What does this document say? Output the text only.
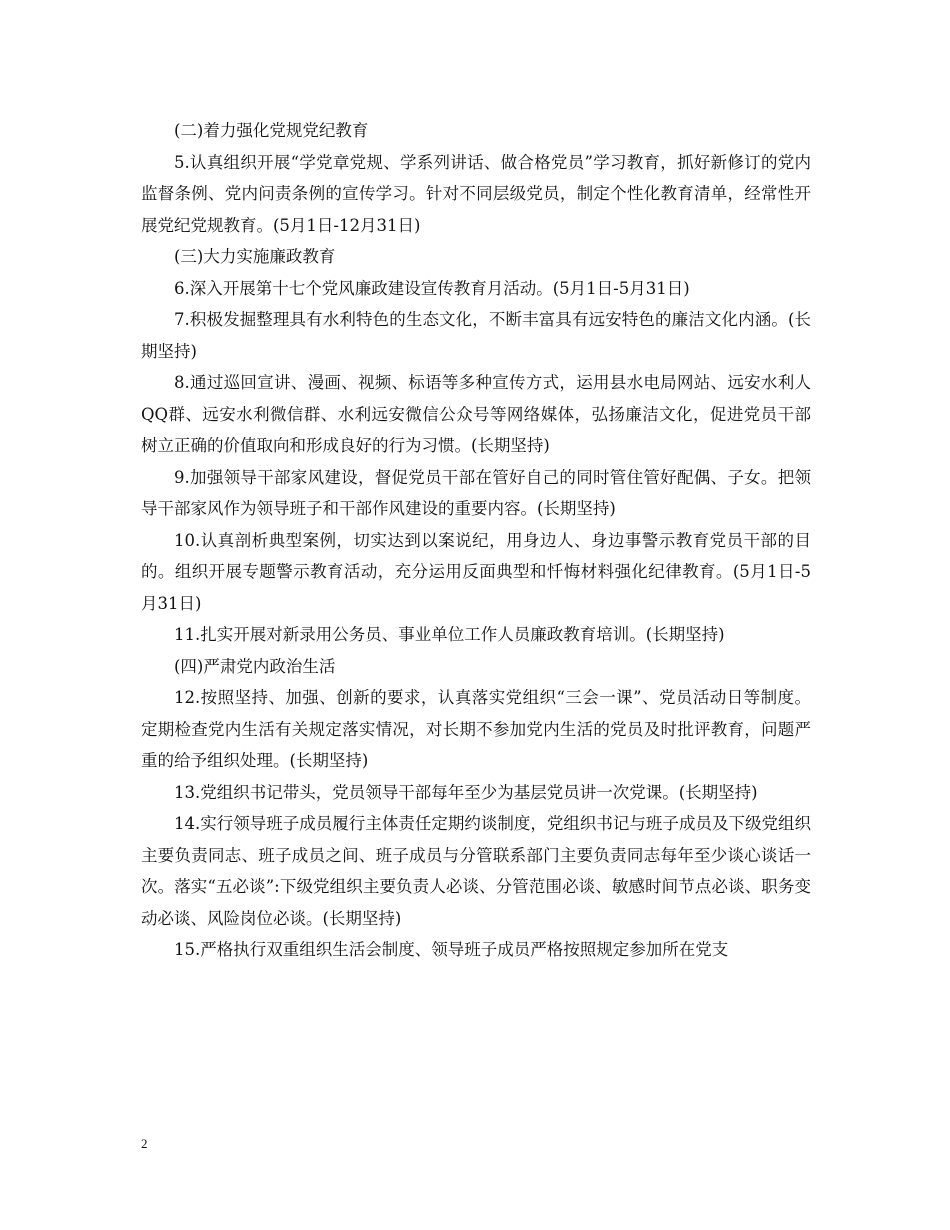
(二)着力强化党规党纪教育

5.认真组织开展“学党章党规、学系列讲话、做合格党员”学习教育，抓好新修订的党内监督条例、党内问责条例的宣传学习。针对不同层级党员，制定个性化教育清单，经常性开展党纪党规教育。(5月1日-12月31日)

(三)大力实施廉政教育

6.深入开展第十七个党风廉政建设宣传教育月活动。(5月1日-5月31日)

7.积极发掘整理具有水利特色的生态文化，不断丰富具有远安特色的廉洁文化内涵。(长期坚持)

8.通过巡回宣讲、漫画、视频、标语等多种宣传方式，运用县水电局网站、远安水利人QQ群、远安水利微信群、水利远安微信公众号等网络媒体，弘扬廉洁文化，促进党员干部树立正确的价值取向和形成良好的行为习惯。(长期坚持)

9.加强领导干部家风建设，督促党员干部在管好自己的同时管住管好配偶、子女。把领导干部家风作为领导班子和干部作风建设的重要内容。(长期坚持)

10.认真剖析典型案例，切实达到以案说纪，用身边人、身边事警示教育党员干部的目的。组织开展专题警示教育活动，充分运用反面典型和忏悔材料强化纪律教育。(5月1日-5月31日)

11.扎实开展对新录用公务员、事业单位工作人员廉政教育培训。(长期坚持)

(四)严肃党内政治生活

12.按照坚持、加强、创新的要求，认真落实党组织“三会一课”、党员活动日等制度。定期检查党内生活有关规定落实情况，对长期不参加党内生活的党员及时批评教育，问题严重的给予组织处理。(长期坚持)

13.党组织书记带头，党员领导干部每年至少为基层党员讲一次党课。(长期坚持)

14.实行领导班子成员履行主体责任定期约谈制度，党组织书记与班子成员及下级党组织主要负责同志、班子成员之间、班子成员与分管联系部门主要负责同志每年至少谈心谈话一次。落实“五必谈”:下级党组织主要负责人必谈、分管范围必谈、敏感时间节点必谈、职务变动必谈、风险岗位必谈。(长期坚持)

15.严格执行双重组织生活会制度、领导班子成员严格按照规定参加所在党支

2
